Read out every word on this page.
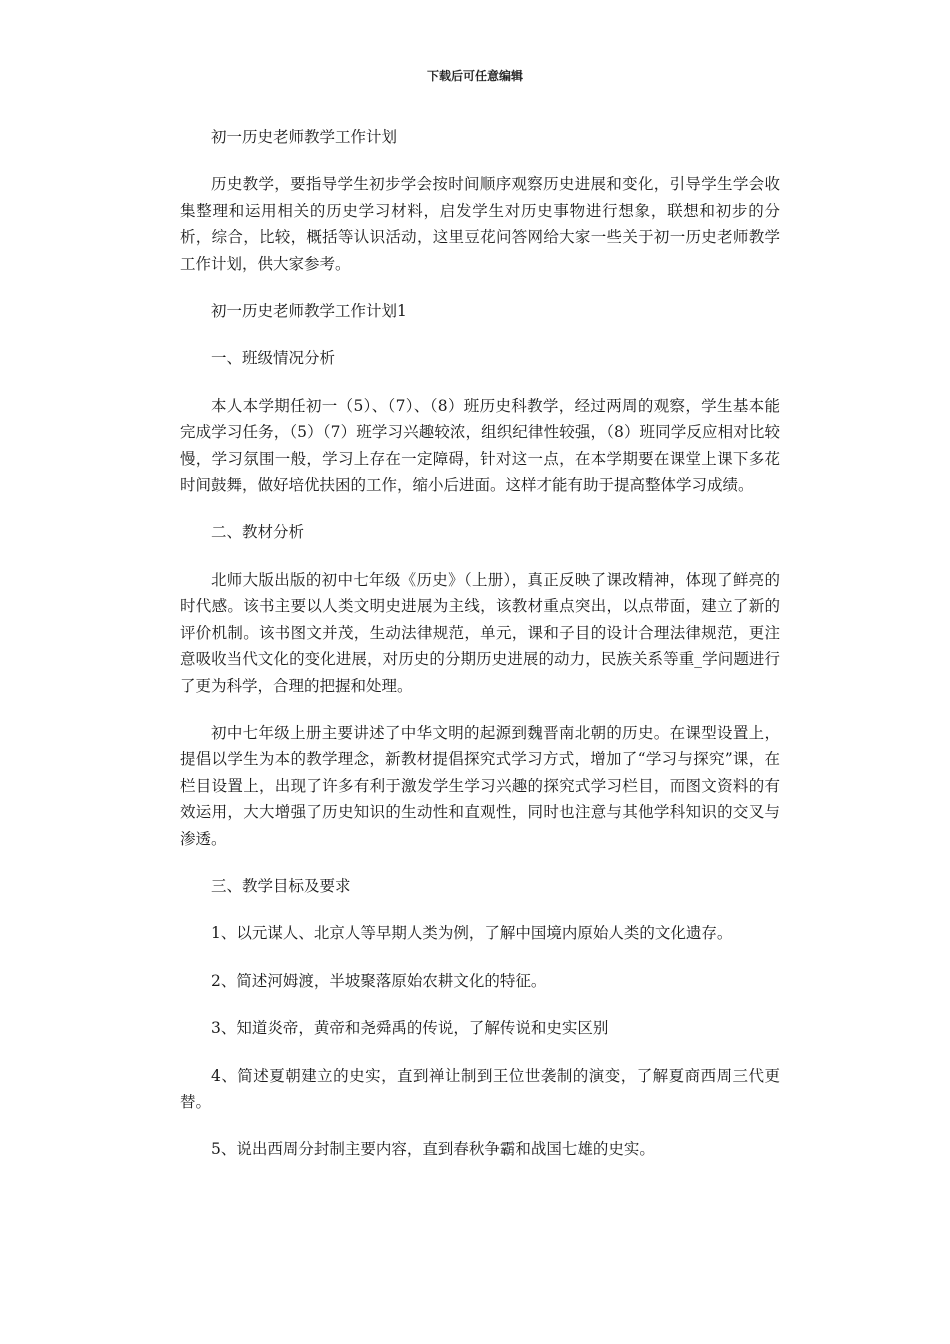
下载后可任意编辑

初一历史老师教学工作计划

历史教学，要指导学生初步学会按时间顺序观察历史进展和变化，引导学生学会收集整理和运用相关的历史学习材料，启发学生对历史事物进行想象，联想和初步的分析，综合，比较，概括等认识活动，这里豆花问答网给大家一些关于初一历史老师教学工作计划，供大家参考。

初一历史老师教学工作计划1

一、班级情况分析

本人本学期任初一（5）、（7）、（8）班历史科教学，经过两周的观察，学生基本能完成学习任务，（5）（7）班学习兴趣较浓，组织纪律性较强，（8）班同学反应相对比较慢，学习氛围一般，学习上存在一定障碍，针对这一点，在本学期要在课堂上课下多花时间鼓舞，做好培优扶困的工作，缩小后进面。这样才能有助于提高整体学习成绩。

二、教材分析

北师大版出版的初中七年级《历史》（上册），真正反映了课改精神，体现了鲜亮的时代感。该书主要以人类文明史进展为主线，该教材重点突出，以点带面，建立了新的评价机制。该书图文并茂，生动法律规范，单元，课和子目的设计合理法律规范，更注意吸收当代文化的变化进展，对历史的分期历史进展的动力，民族关系等重_学问题进行了更为科学，合理的把握和处理。

初中七年级上册主要讲述了中华文明的起源到魏晋南北朝的历史。在课型设置上，提倡以学生为本的教学理念，新教材提倡探究式学习方式，增加了“学习与探究”课，在栏目设置上，出现了许多有利于激发学生学习兴趣的探究式学习栏目，而图文资料的有效运用，大大增强了历史知识的生动性和直观性，同时也注意与其他学科知识的交叉与渗透。

三、教学目标及要求

1、以元谋人、北京人等早期人类为例，了解中国境内原始人类的文化遗存。

2、简述河姆渡，半坡聚落原始农耕文化的特征。

3、知道炎帝，黄帝和尧舜禹的传说，了解传说和史实区别

4、简述夏朝建立的史实，直到禅让制到王位世袭制的演变，了解夏商西周三代更替。

5、说出西周分封制主要内容，直到春秋争霸和战国七雄的史实。
